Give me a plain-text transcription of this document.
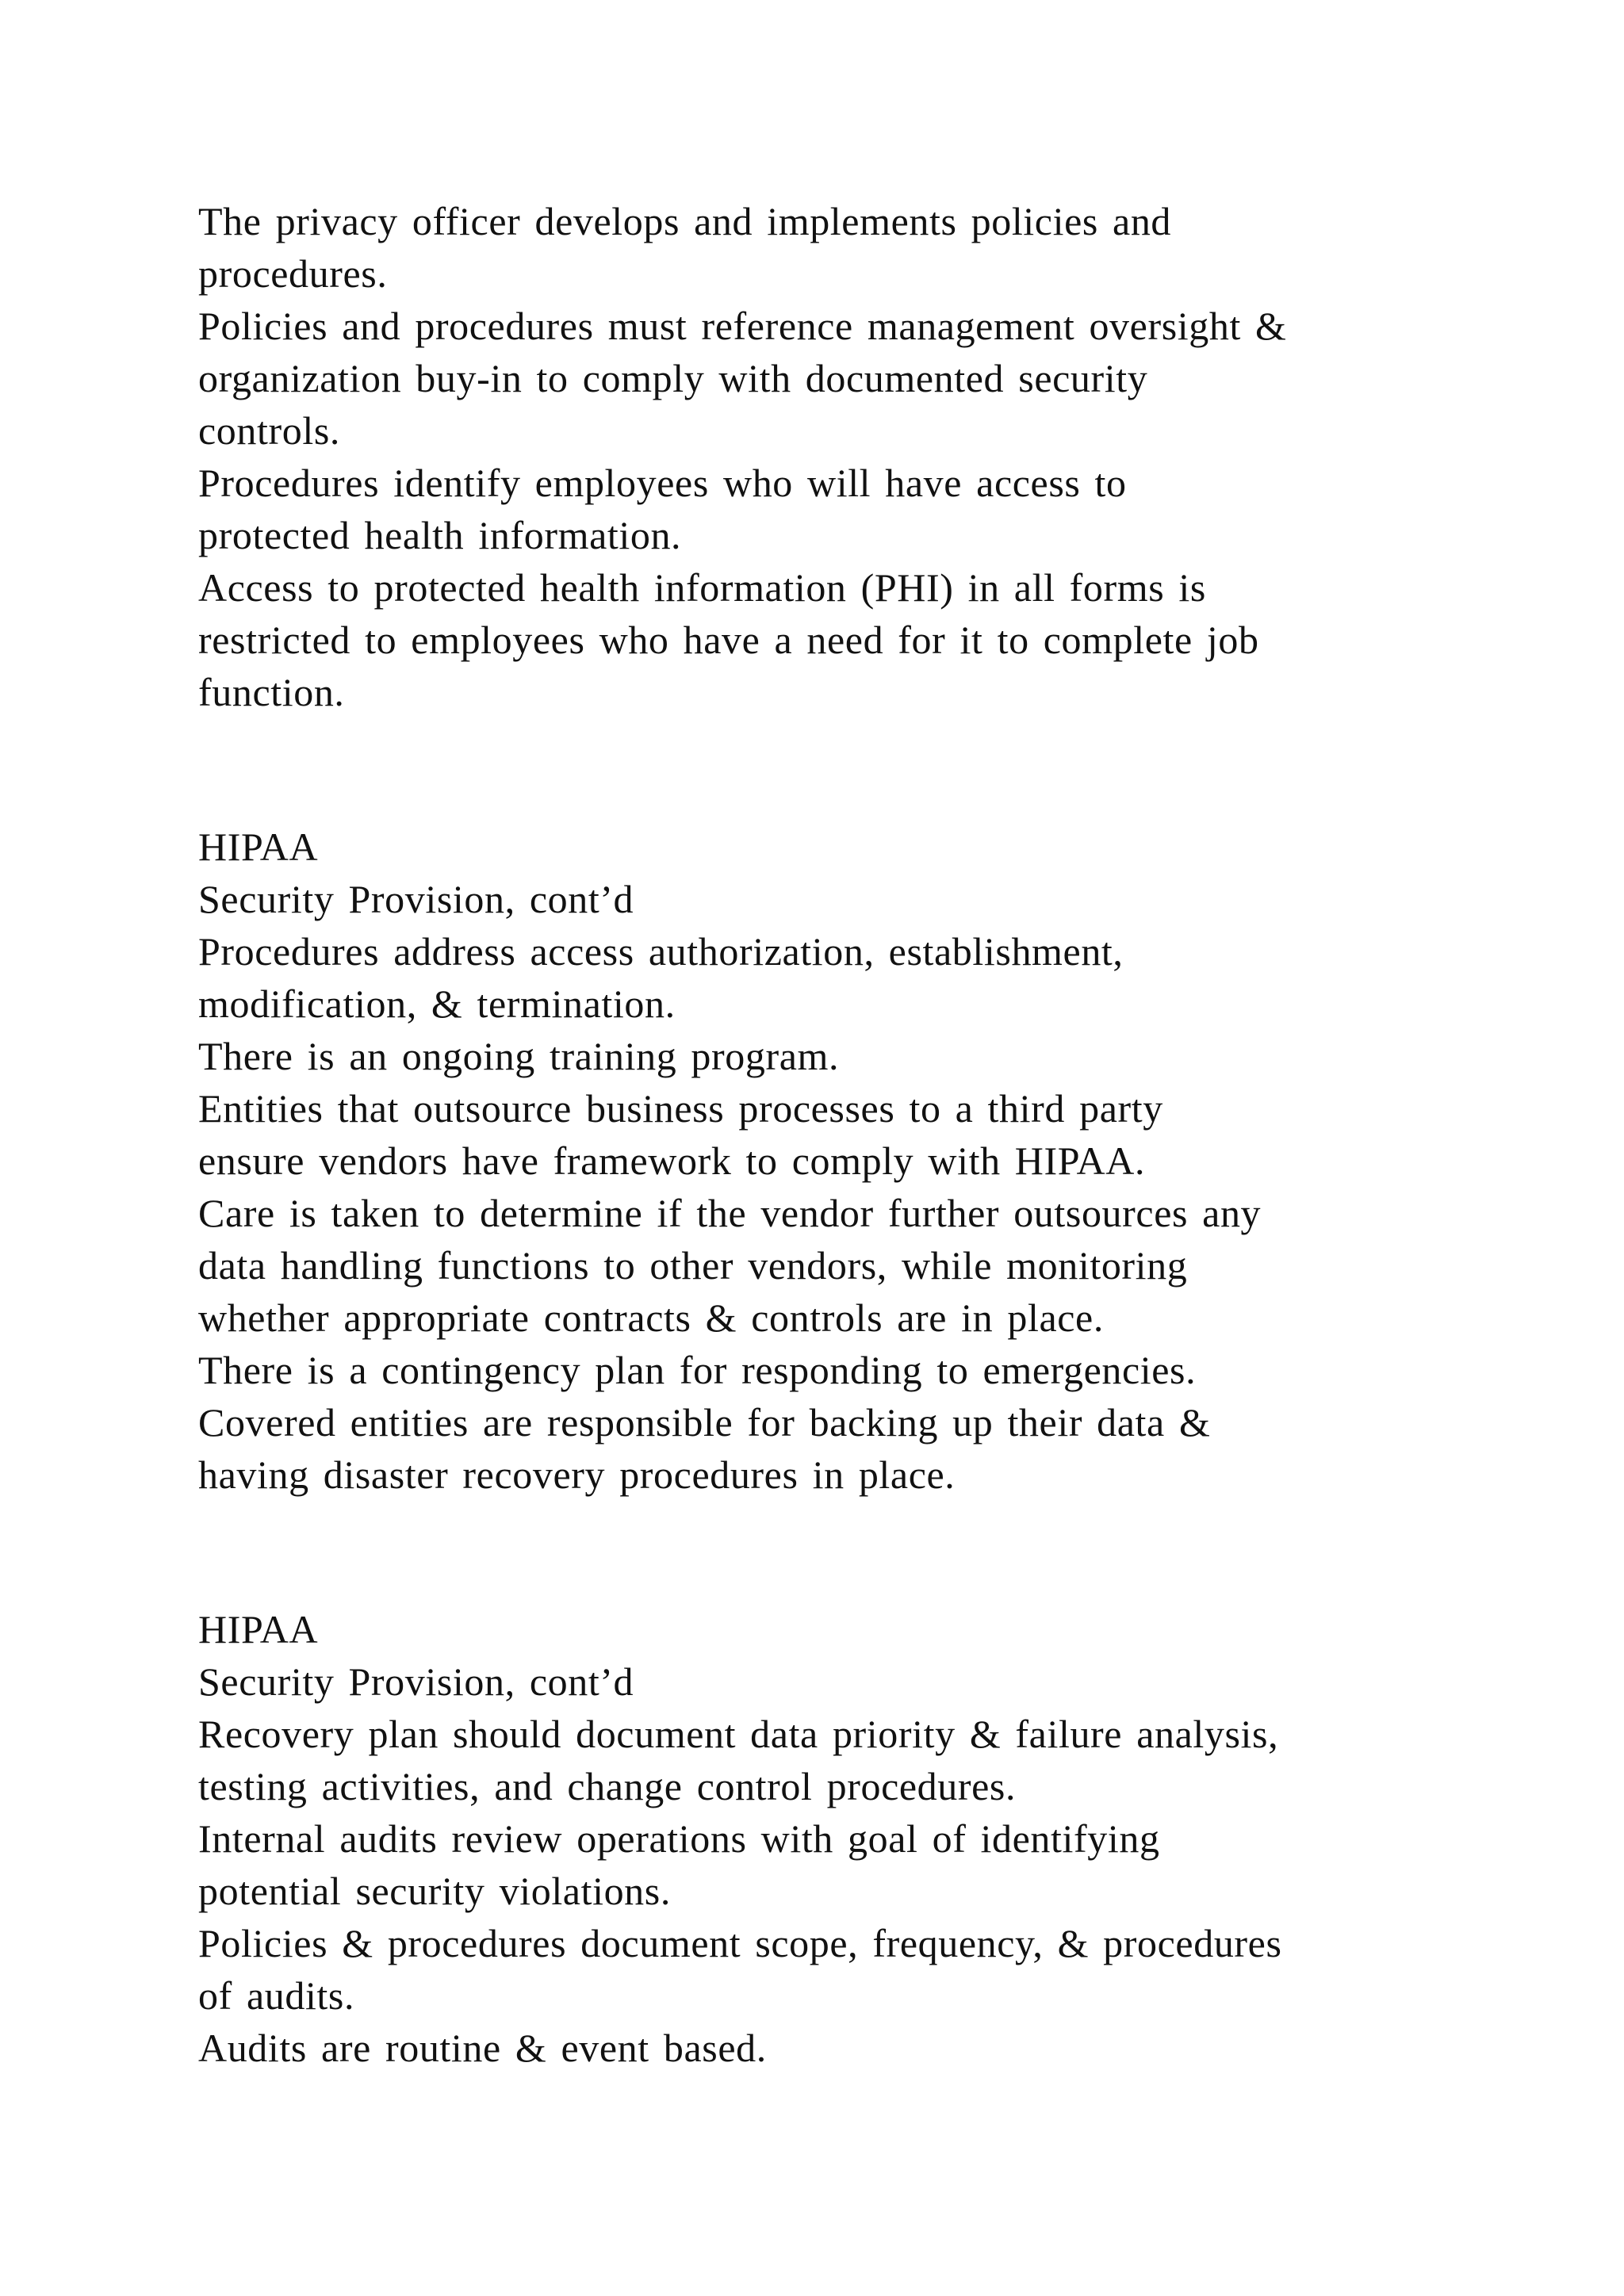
The privacy officer develops and implements policies and
procedures.
Policies and procedures must reference management oversight &
organization buy-in to comply with documented security
controls.
Procedures identify employees who will have access to
protected health information.
Access to protected health information (PHI) in all forms is
restricted to employees who have a need for it to complete job
function.
HIPAA
Security Provision, cont’d
Procedures address access authorization, establishment,
modification, & termination.
There is an ongoing training program.
Entities that outsource business processes to a third party
ensure vendors have framework to comply with HIPAA.
Care is taken to determine if the vendor further outsources any
data handling functions to other vendors, while monitoring
whether appropriate contracts & controls are in place.
There is a contingency plan for responding to emergencies.
Covered entities are responsible for backing up their data &
having disaster recovery procedures in place.
HIPAA
Security Provision, cont’d
Recovery plan should document data priority & failure analysis,
testing activities, and change control procedures.
Internal audits review operations with goal of identifying
potential security violations.
Policies & procedures document scope, frequency, & procedures
of audits.
Audits are routine & event based.
